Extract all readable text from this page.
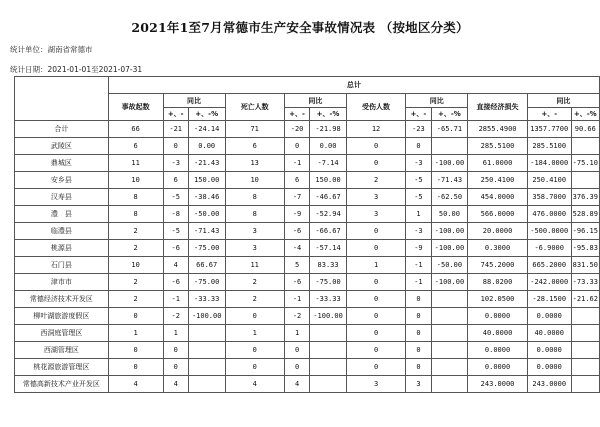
2021年1至7月常德市生产安全事故情况表 （按地区分类）
统计单位：湖南省常德市
统计日期：2021-01-01至2021-07-31
	总计											
	事故起数	同比		死亡人数	同比		受伤人数	同比		直接经济损失	同比	
		+、-	+、-%		+、-	+、-%		+、-	+、-%		+、-	+、-%
合计	66	-21	-24.14	71	-20	-21.98	12	-23	-65.71	2855.4900	1357.7700	90.66
武陵区	6	0	0.00	6	0	0.00	0	0		285.5100	285.5100	
鼎城区	11	-3	-21.43	13	-1	-7.14	0	-3	-100.00	61.0000	-184.0000	-75.10
安乡县	10	6	150.00	10	6	150.00	2	-5	-71.43	250.4100	250.4100	
汉寿县	8	-5	-38.46	8	-7	-46.67	3	-5	-62.50	454.0000	358.7000	376.39
澧　县	8	-8	-50.00	8	-9	-52.94	3	1	50.00	566.0000	476.0000	528.89
临澧县	2	-5	-71.43	3	-6	-66.67	0	-3	-100.00	20.0000	-500.0000	-96.15
桃源县	2	-6	-75.00	3	-4	-57.14	0	-9	-100.00	0.3000	-6.9000	-95.83
石门县	10	4	66.67	11	5	83.33	1	-1	-50.00	745.2000	665.2000	831.50
津市市	2	-6	-75.00	2	-6	-75.00	0	-1	-100.00	88.0200	-242.0000	-73.33
常德经济技术开发区	2	-1	-33.33	2	-1	-33.33	0	0		102.0500	-28.1500	-21.62
柳叶湖旅游度假区	0	-2	-100.00	0	-2	-100.00	0	0		0.0000	0.0000	
西洞庭管理区	1	1		1	1		0	0		40.0000	40.0000	
西湖管理区	0	0		0	0		0	0		0.0000	0.0000	
桃花源旅游管理区	0	0		0	0		0	0		0.0000	0.0000	
常德高新技术产业开发区	4	4		4	4		3	3		243.0000	243.0000	
